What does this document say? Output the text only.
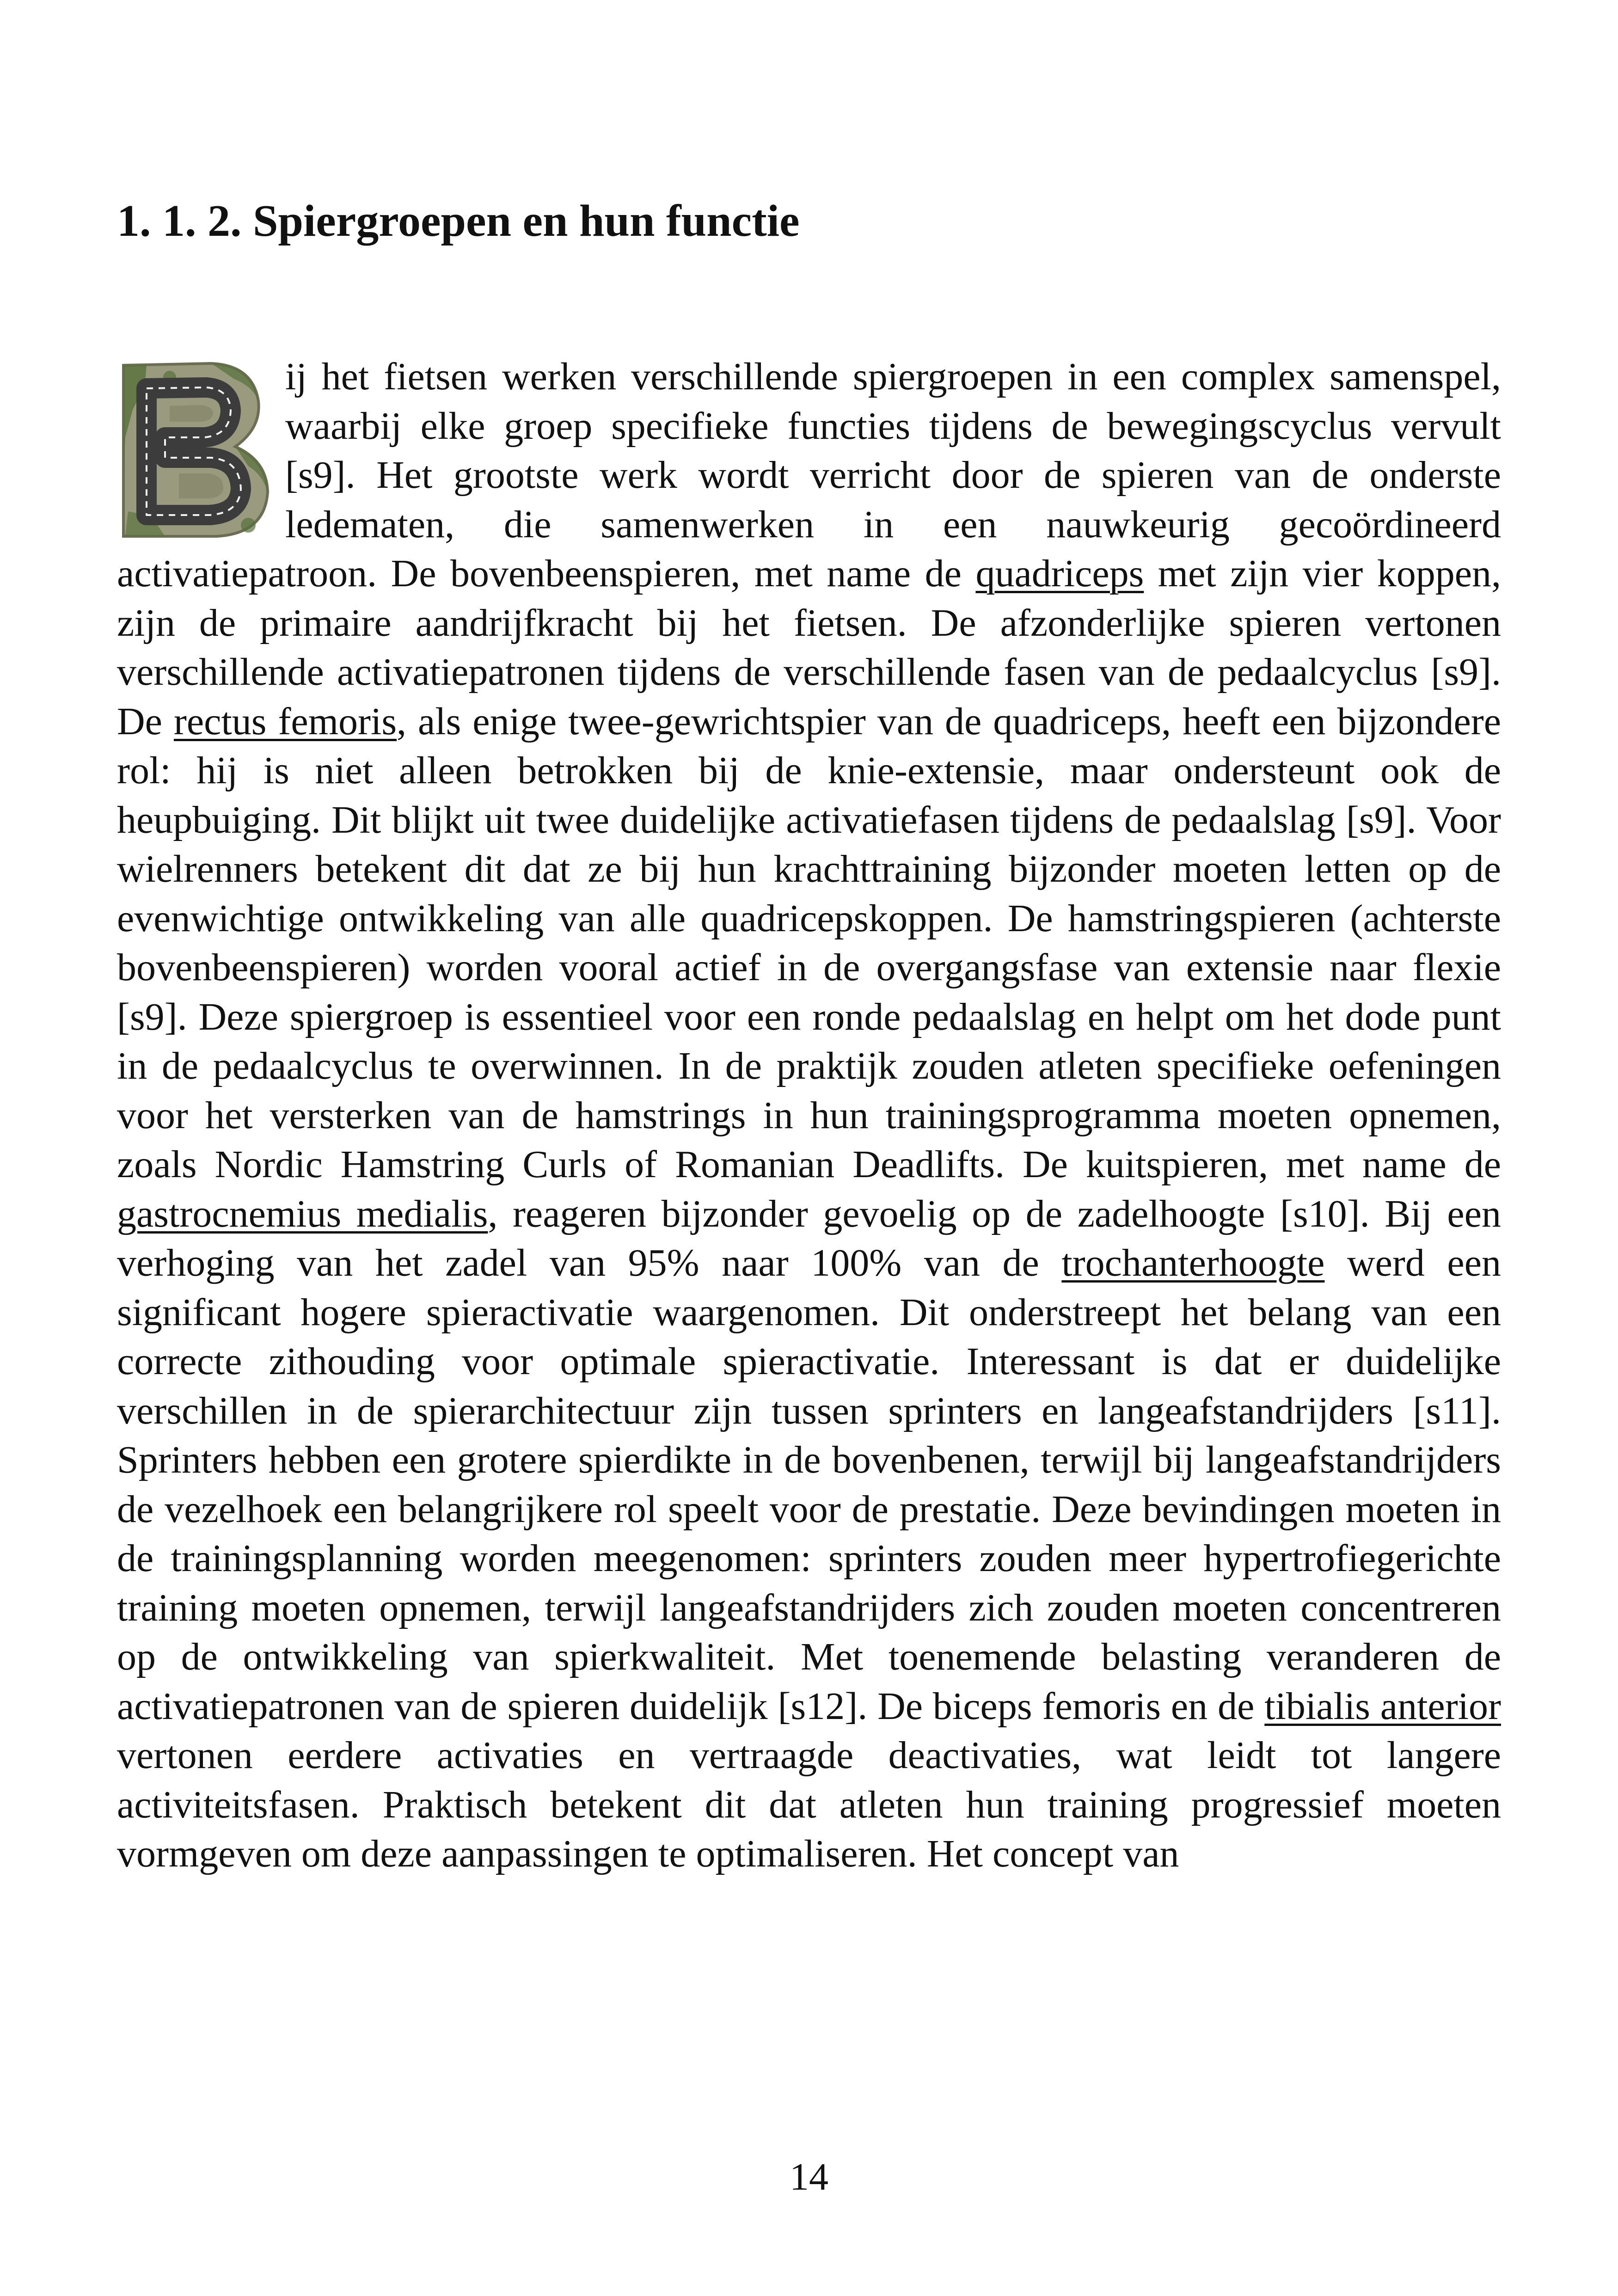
1. 1. 2. Spiergroepen en hun functie

ij het fietsen werken verschillende spiergroepen in een complex samenspel, waarbij elke groep specifieke functies tijdens de bewegingscyclus vervult [s9]. Het grootste werk wordt verricht door de spieren van de onderste ledematen, die samenwerken in een nauwkeurig gecoördineerd activatiepatroon. De bovenbeenspieren, met name de quadriceps met zijn vier koppen, zijn de primaire aandrijfkracht bij het fietsen. De afzonderlijke spieren vertonen verschillende activatiepatronen tijdens de verschillende fasen van de pedaalcyclus [s9]. De rectus femoris, als enige twee-gewrichtspier van de quadriceps, heeft een bijzondere rol: hij is niet alleen betrokken bij de knie-extensie, maar ondersteunt ook de heupbuiging. Dit blijkt uit twee duidelijke activatiefasen tijdens de pedaalslag [s9]. Voor wielrenners betekent dit dat ze bij hun krachttraining bijzonder moeten letten op de evenwichtige ontwikkeling van alle quadricepskoppen. De hamstringspieren (achterste bovenbeenspieren) worden vooral actief in de overgangsfase van extensie naar flexie [s9]. Deze spiergroep is essentieel voor een ronde pedaalslag en helpt om het dode punt in de pedaalcyclus te overwinnen. In de praktijk zouden atleten specifieke oefeningen voor het versterken van de hamstrings in hun trainingsprogramma moeten opnemen, zoals Nordic Hamstring Curls of Romanian Deadlifts. De kuitspieren, met name de gastrocnemius medialis, reageren bijzonder gevoelig op de zadelhoogte [s10]. Bij een verhoging van het zadel van 95% naar 100% van de trochanterhoogte werd een significant hogere spieractivatie waargenomen. Dit onderstreept het belang van een correcte zithouding voor optimale spieractivatie. Interessant is dat er duidelijke verschillen in de spierarchitectuur zijn tussen sprinters en langeafstandrijders [s11]. Sprinters hebben een grotere spierdikte in de bovenbenen, terwijl bij langeafstandrijders de vezelhoek een belangrijkere rol speelt voor de prestatie. Deze bevindingen moeten in de trainingsplanning worden meegenomen: sprinters zouden meer hypertrofiegerichte training moeten opnemen, terwijl langeafstandrijders zich zouden moeten concentreren op de ontwikkeling van spierkwaliteit. Met toenemende belasting veranderen de activatiepatronen van de spieren duidelijk [s12]. De biceps femoris en de tibialis anterior vertonen eerdere activaties en vertraagde deactivaties, wat leidt tot langere activiteitsfasen. Praktisch betekent dit dat atleten hun training progressief moeten vormgeven om deze aanpassingen te optimaliseren. Het concept van

14
